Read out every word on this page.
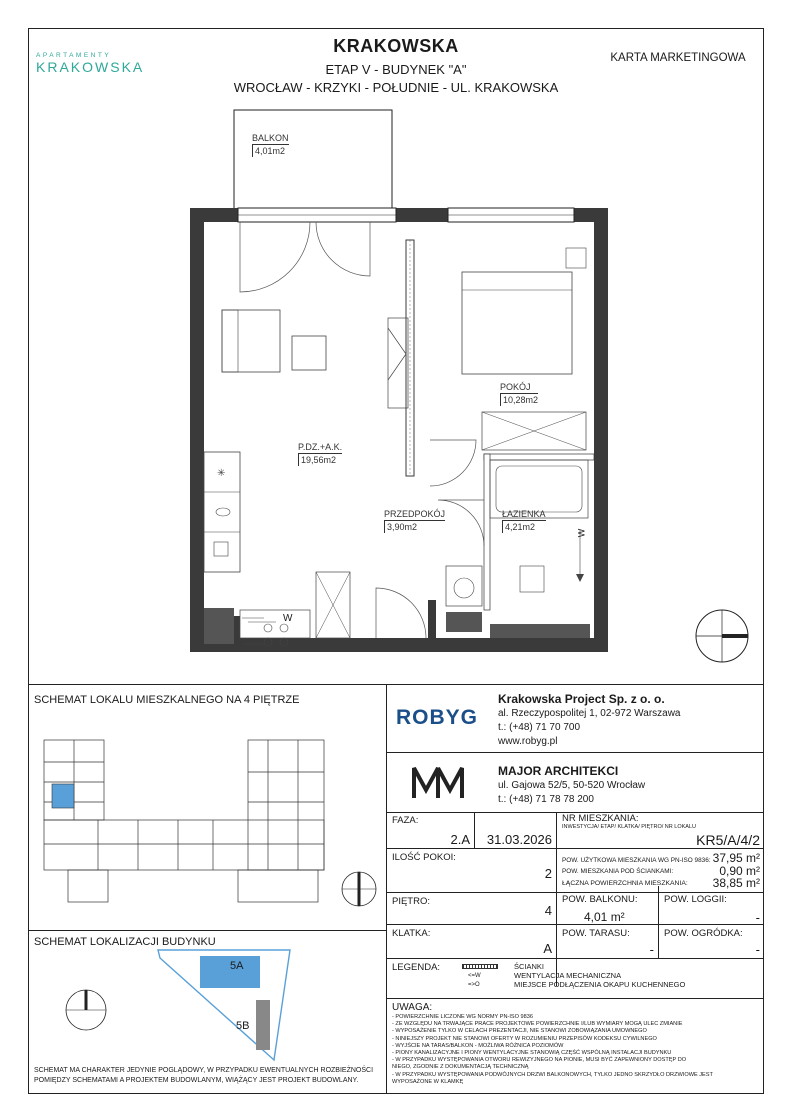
APARTAMENTY
KRAKOWSKA
KRAKOWSKA
ETAP V - BUDYNEK "A"
WROCŁAW - KRZYKI - POŁUDNIE - UL. KRAKOWSKA
KARTA MARKETINGOWA
✳
W
W
BALKON
4,01m2
P.DZ.+A.K.
19,56m2
POKÓJ
10,28m2
PRZEDPOKÓJ
3,90m2
ŁAZIENKA
4,21m2
SCHEMAT LOKALU MIESZKALNEGO NA 4 PIĘTRZE
SCHEMAT LOKALIZACJI BUDYNKU
5A
5B
SCHEMAT MA CHARAKTER JEDYNIE POGLĄDOWY, W PRZYPADKU EWENTUALNYCH ROZBIEŻNOŚCI POMIĘDZY SCHEMATAMI A PROJEKTEM BUDOWLANYM, WIĄŻĄCY JEST PROJEKT BUDOWLANY.
ROBYG
Krakowska Project Sp. z o. o.
al. Rzeczypospolitej 1, 02-972 Warszawa
t.: (+48) 71 70 700
www.robyg.pl
MAJOR ARCHITEKCI
ul. Gajowa 52/5, 50-520 Wrocław
t.: (+48) 71 78 78 200
FAZA:
2.A	31.03.2026
NR MIESZKANIA:
INWESTYCJA/ ETAP/ KLATKA/ PIĘTRO/ NR LOKALU
KR5/A/4/2
ILOŚĆ POKOI:
2
POW. UŻYTKOWA MIESZKANIA WG PN-ISO 9836: 37,95 m²
POW. MIESZKANIA POD ŚCIANKAMI:	0,90 m²
ŁĄCZNA POWIERZCHNIA MIESZKANIA:	38,85 m²
PIĘTRO:
4
POW. BALKONU:
4,01 m²
POW. LOGGII:
-
KLATKA:
A
POW. TARASU:
-
POW. OGRÓDKA:
-
LEGENDA:
<=W
=>O
ŚCIANKI
WENTYLACJA MECHANICZNA
MIEJSCE PODŁĄCZENIA OKAPU KUCHENNEGO
UWAGA:
- POWIERZCHNIE LICZONE WG NORMY PN-ISO 9836
- ZE WZGLĘDU NA TRWAJĄCE PRACE PROJEKTOWE POWIERZCHNIE I/LUB WYMIARY MOGĄ ULEC ZMIANIE
- WYPOSAŻENIE TYLKO W CELACH PREZENTACJI, NIE STANOWI ZOBOWIĄZANIA UMOWNEGO
- NINIEJSZY PROJEKT NIE STANOWI OFERTY W ROZUMIENIU PRZEPISÓW KODEKSU CYWILNEGO
- WYJŚCIE NA TARAS/BALKON - MOŻLIWA RÓŻNICA POZIOMÓW
- PIONY KANALIZACYJNE I PIONY WENTYLACYJNE STANOWIĄ CZĘŚĆ WSPÓLNĄ INSTALACJI BUDYNKU
- W PRZYPADKU WYSTĘPOWANIA OTWORU REWIZYJNEGO NA PIONIE, MUSI BYĆ ZAPEWNIONY DOSTĘP DO
NIEGO, ZGODNIE Z DOKUMENTACJĄ TECHNICZNĄ
- W PRZYPADKU WYSTĘPOWANIA PODWÓJNYCH DRZWI BALKONOWYCH, TYLKO JEDNO SKRZYDŁO DRZWIOWE JEST
WYPOSAŻONE W KLAMKĘ
